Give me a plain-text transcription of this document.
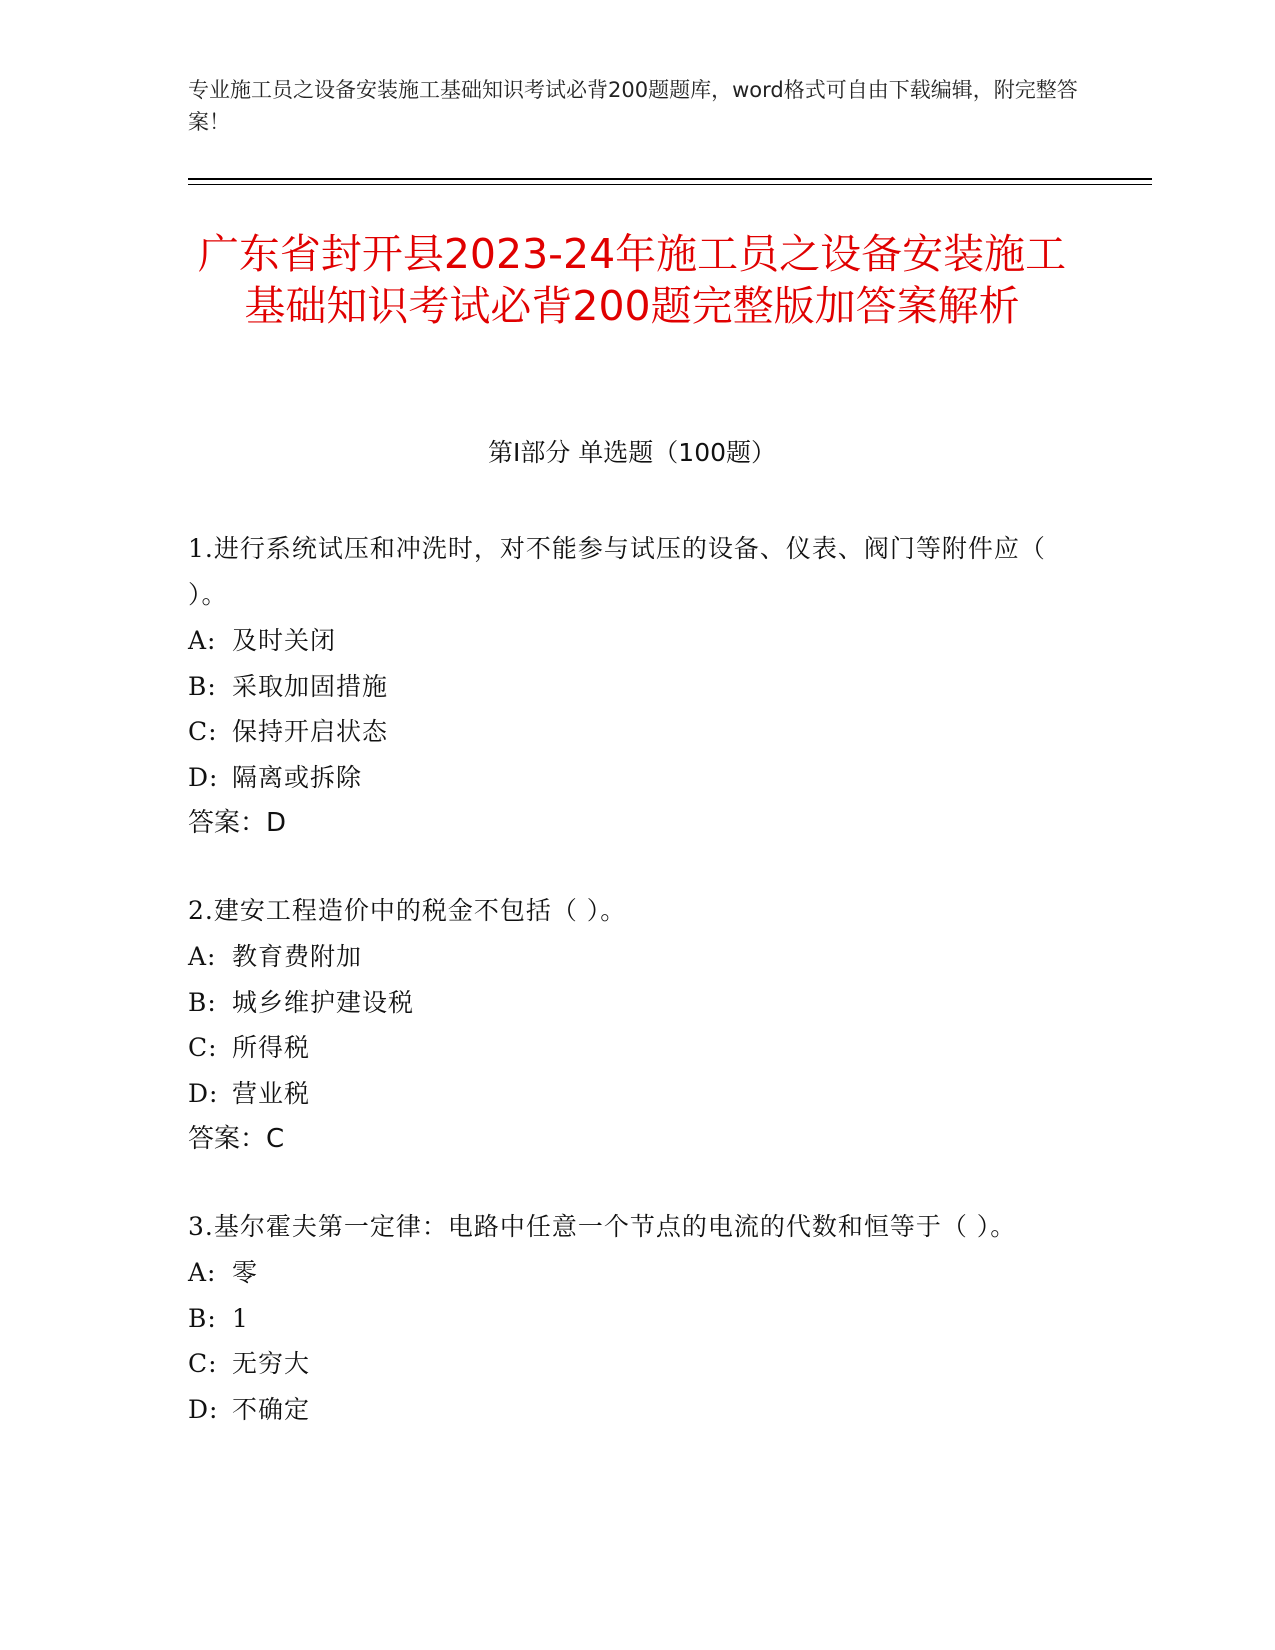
专业施工员之设备安装施工基础知识考试必背200题题库，word格式可自由下载编辑，附完整答案！
广东省封开县2023-24年施工员之设备安装施工基础知识考试必背200题完整版加答案解析
第Ⅰ部分 单选题（100题）
1.进行系统试压和冲洗时，对不能参与试压的设备、仪表、阀门等附件应（ ）。
A: 及时关闭
B: 采取加固措施
C: 保持开启状态
D: 隔离或拆除
答案：D
2.建安工程造价中的税金不包括（ ）。
A: 教育费附加
B: 城乡维护建设税
C: 所得税
D: 营业税
答案：C
3.基尔霍夫第一定律：电路中任意一个节点的电流的代数和恒等于（ ）。
A: 零
B: 1
C: 无穷大
D: 不确定
